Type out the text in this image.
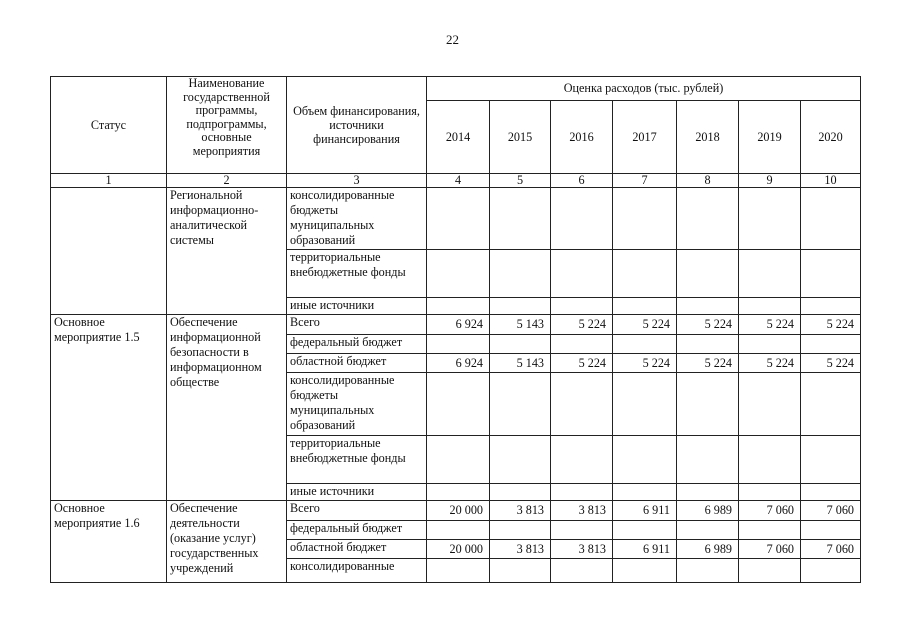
22
Статус	Наименование государственной программы, подпрограммы, основные мероприятия	Объем финансирования, источники финансирования	Оценка расходов (тыс. рублей)						
			2014	2015	2016	2017	2018	2019	2020
1	2	3	4	5	6	7	8	9	10
	Региональной информационно-аналитической системы	консолидированные бюджеты муниципальных образований							
		территориальные внебюджетные фонды							
		иные источники							
Основное мероприятие 1.5	Обеспечение информационной безопасности в информационном обществе	Всего	6 924	5 143	5 224	5 224	5 224	5 224	5 224
		федеральный бюджет							
		областной бюджет	6 924	5 143	5 224	5 224	5 224	5 224	5 224
		консолидированные бюджеты муниципальных образований							
		территориальные внебюджетные фонды							
		иные источники							
Основное мероприятие 1.6	Обеспечение деятельности (оказание услуг) государственных учреждений	Всего	20 000	3 813	3 813	6 911	6 989	7 060	7 060
		федеральный бюджет							
		областной бюджет	20 000	3 813	3 813	6 911	6 989	7 060	7 060
		консолидированные							
